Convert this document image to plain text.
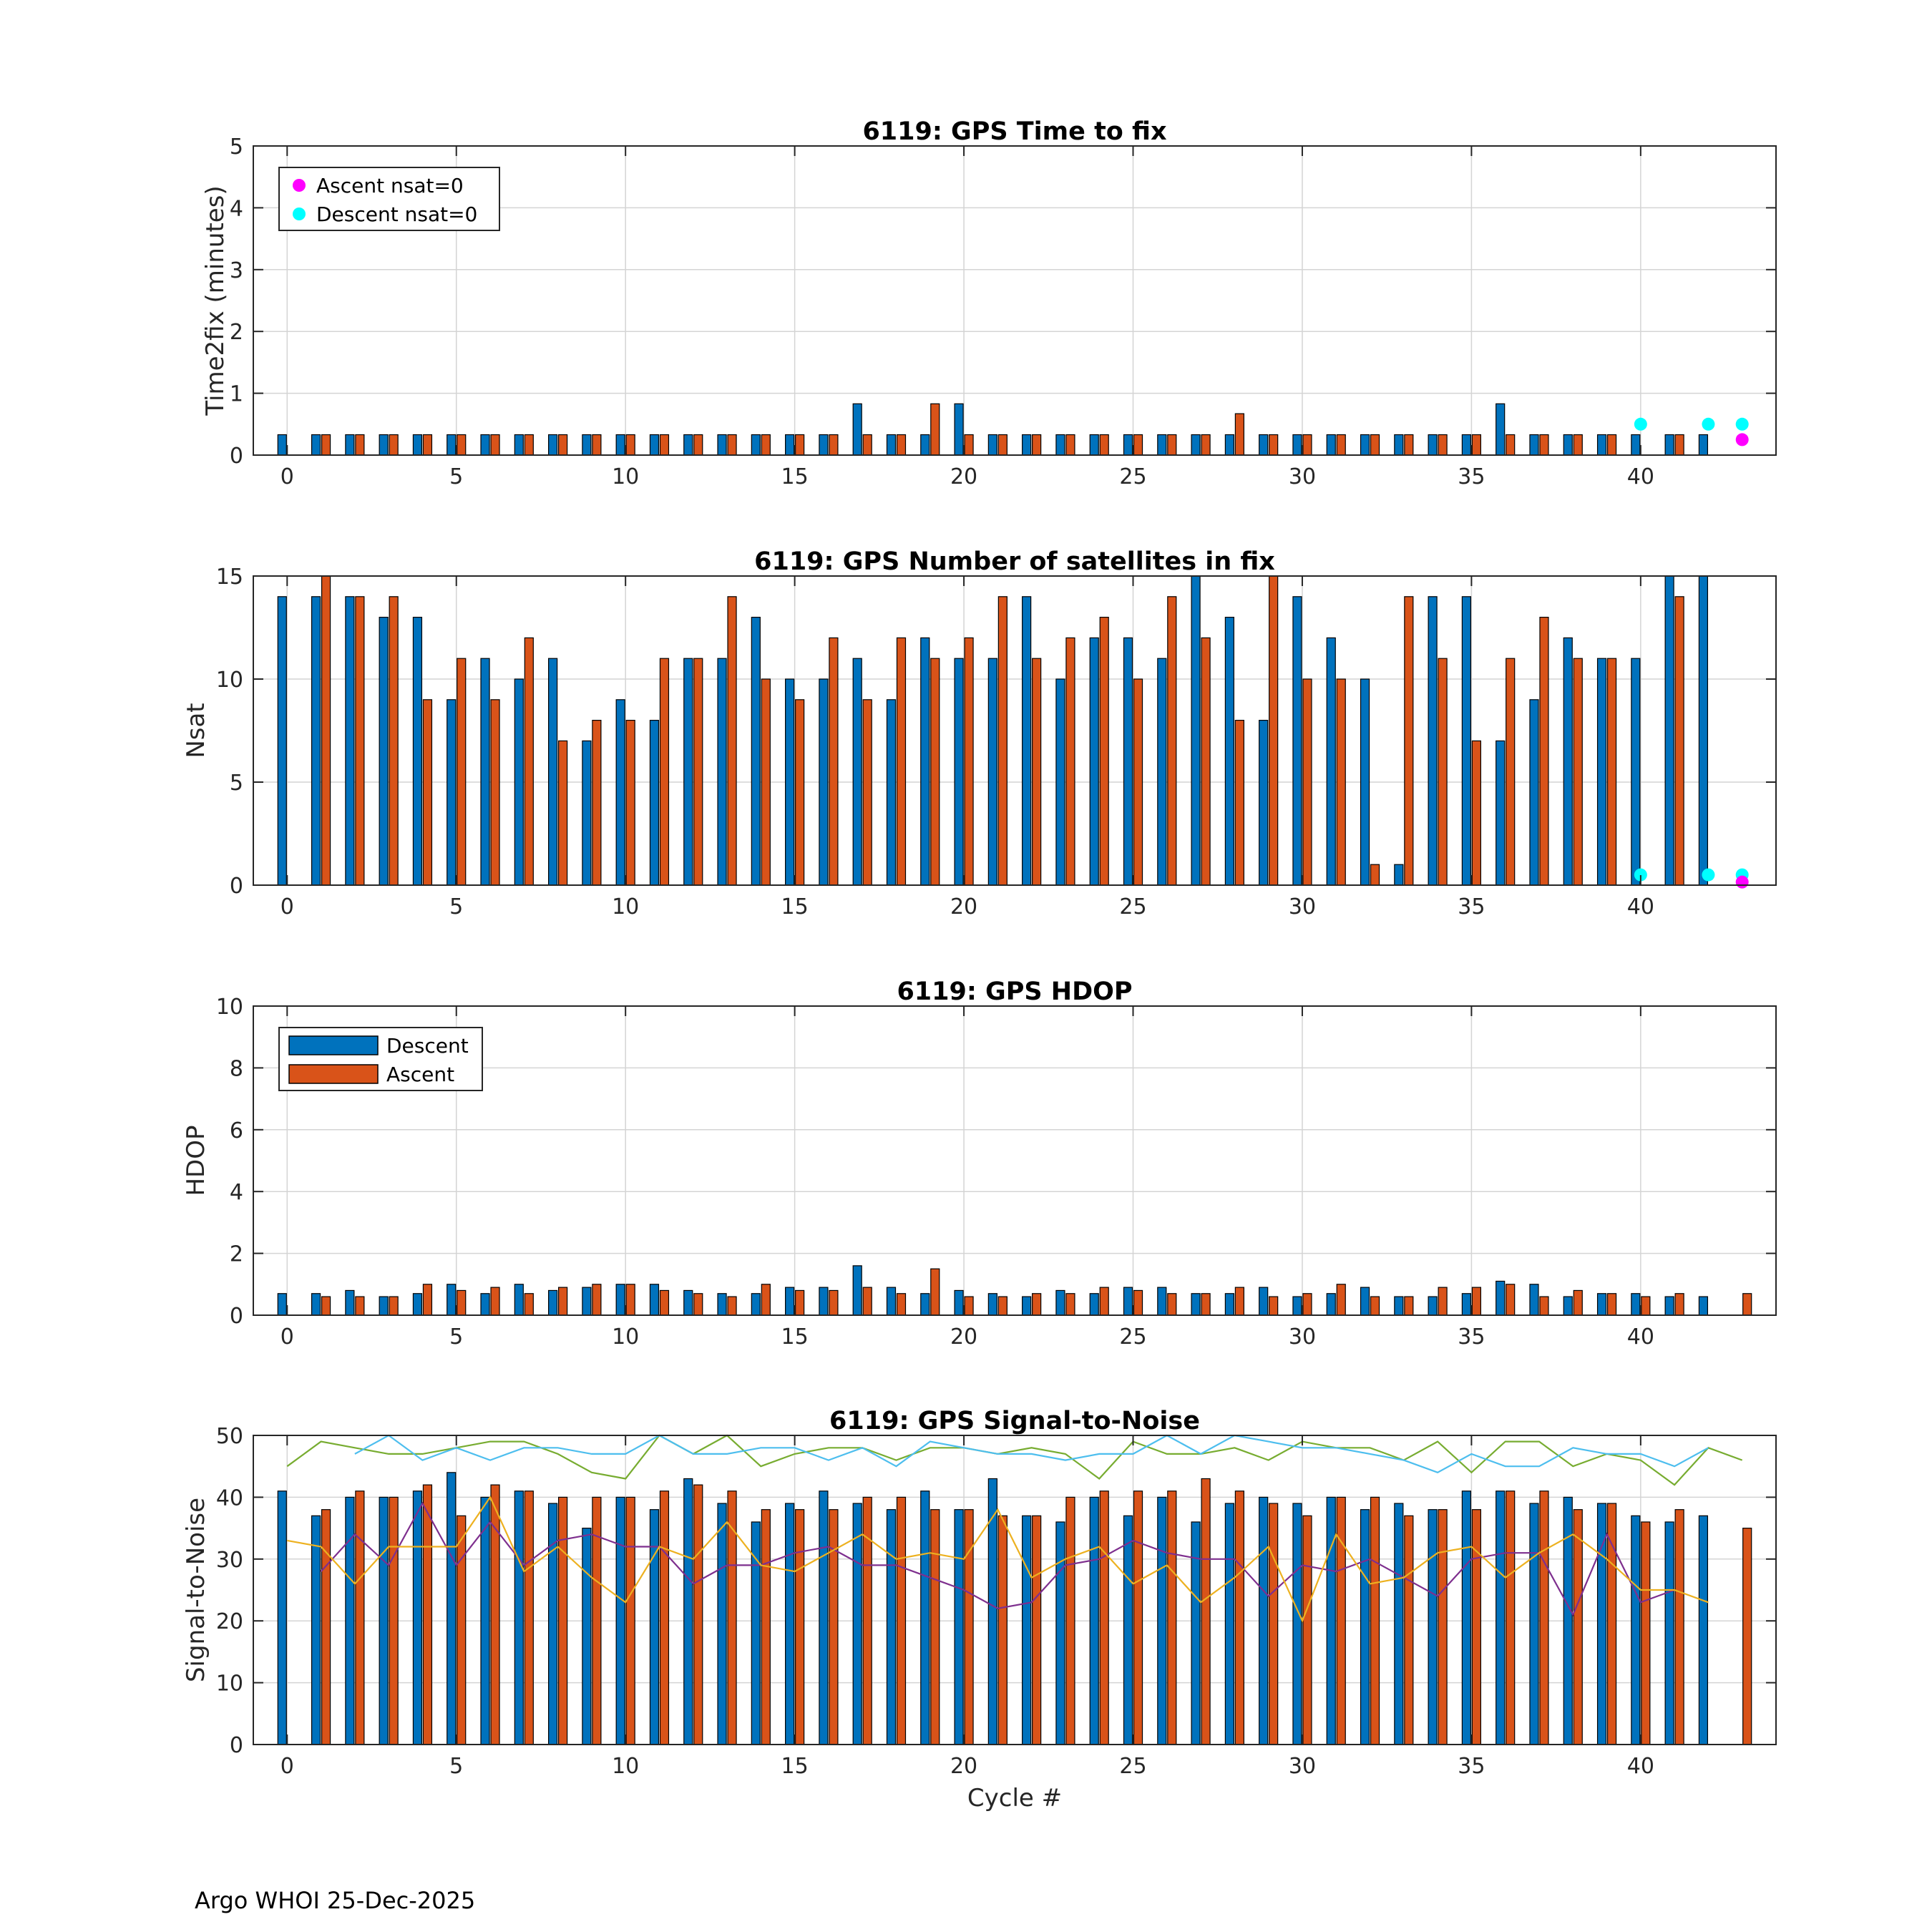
0	5	10	15	20	25	30	35	40
0
1
2
3
4
5
6119: GPS Time to fix
Time2fix (minutes)	Ascent nsat=0
Descent nsat=0
0	5	10	15	20	25	30	35	40
0
5
10
15
6119: GPS Number of satellites in fix
Nsat
0	5	10	15	20	25	30	35	40
0
2
4
6
8
10
6119: GPS HDOP
HDOP
Descent
Ascent
0	5	10	15	20	25	30	35	40
0
10
20
30
40
50
6119: GPS Signal-to-Noise
Signal-to-Noise
Cycle #
Argo WHOI 25-Dec-2025
